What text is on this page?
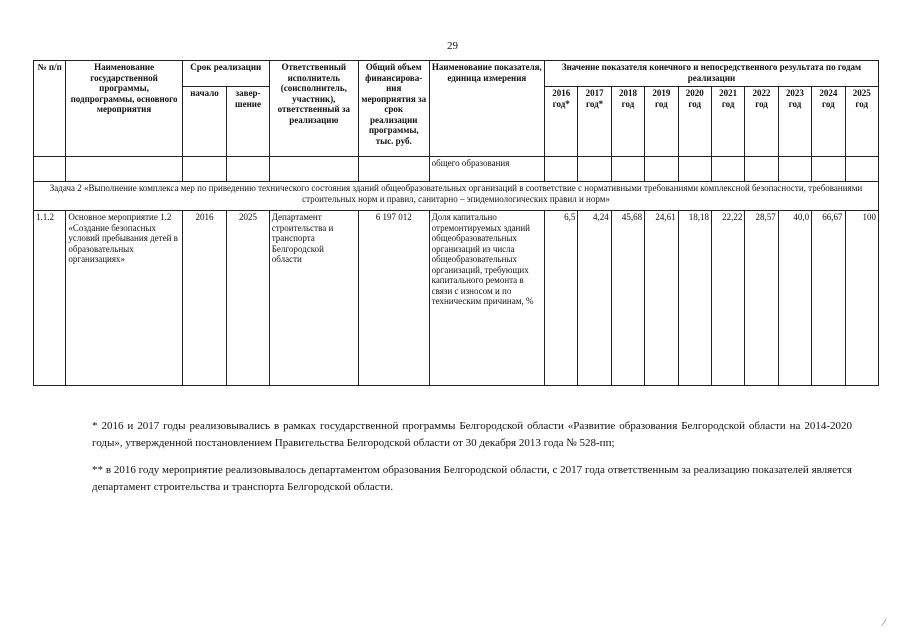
29
№ п/п	Наименование государственной программы, подпрограммы, основного мероприятия	Срок реализации		Ответственный исполнитель (соисполнитель, участник), ответственный за реализацию	Общий объем финансирова-ния мероприятия за срок реализации программы, тыс. руб.	Наименование показателя, единица измерения	Значение показателя конечного и непосредственного результата по годам реализации									
		начало	завер-шение				2016 год*	2017 год*	2018 год	2019 год	2020 год	2021 год	2022 год	2023 год	2024 год	2025 год
						общего образования										
Задача 2 «Выполнение комплекса мер по приведению технического состояния зданий общеобразовательных организаций в соответствие с нормативными требованиями комплексной безопасности, требованиями строительных норм и правил, санитарно – эпидемиологических правил и норм»																
1.1.2	Основное мероприятие 1.2 «Создание безопасных условий пребывания детей в образовательных организациях»	2016	2025	Департамент строительства и транспорта Белгородской области	6 197 012	Доля капитально отремонтируемых зданий общеобразовательных организаций из числа общеобразовательных организаций, требующих капитального ремонта в связи с износом и по техническим причинам, %	6,5	4,24	45,68	24,61	18,18	22,22	28,57	40,0	66,67	100
* 2016 и 2017 годы реализовывались в рамках государственной программы Белгородской области «Развитие образования Белгородской области на 2014-2020 годы», утвержденной постановлением Правительства Белгородской области от 30 декабря 2013 года № 528-пп;
** в 2016 году мероприятие реализовывалось департаментом образования Белгородской области, с 2017 года ответственным за реализацию показателей является департамент строительства и транспорта Белгородской области.
⁄
